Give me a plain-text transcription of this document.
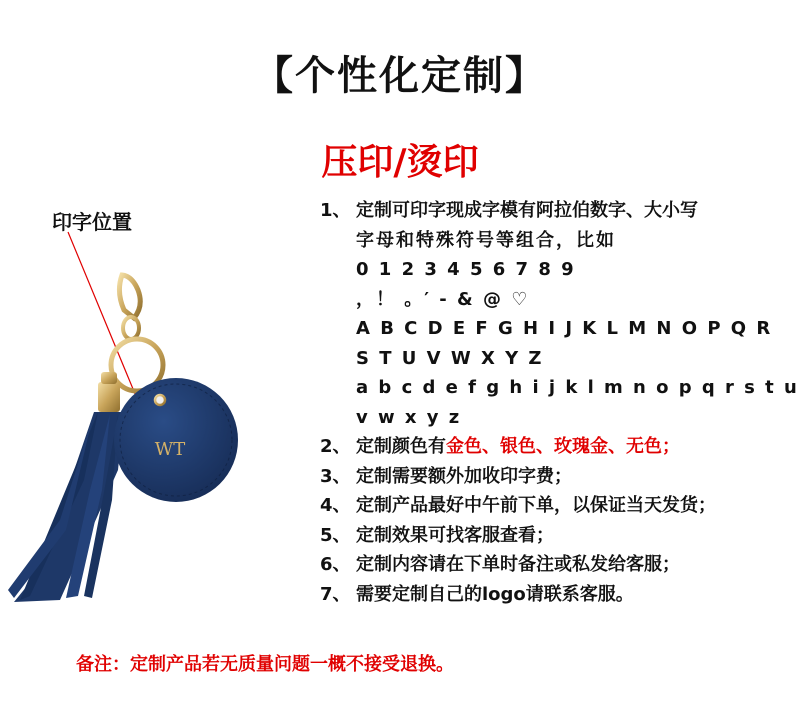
【个性化定制】
压印/烫印
印字位置
WT
1、 定制可印字现成字模有阿拉伯数字、大小写
字母和特殊符号等组合，比如
0 1 2 3 4 5 6 7 8 9
，！ 。′ - & @ ♡
A B C D E F G H I J K L M N O P Q R
S T U V W X Y Z
a b c d e f g h i j k l m n o p q r s t u
v w x y z
2、 定制颜色有金色、银色、玫瑰金、无色；
3、 定制需要额外加收印字费；
4、 定制产品最好中午前下单，以保证当天发货；
5、 定制效果可找客服查看；
6、 定制内容请在下单时备注或私发给客服；
7、 需要定制自己的logo请联系客服。
备注：定制产品若无质量问题一概不接受退换。
